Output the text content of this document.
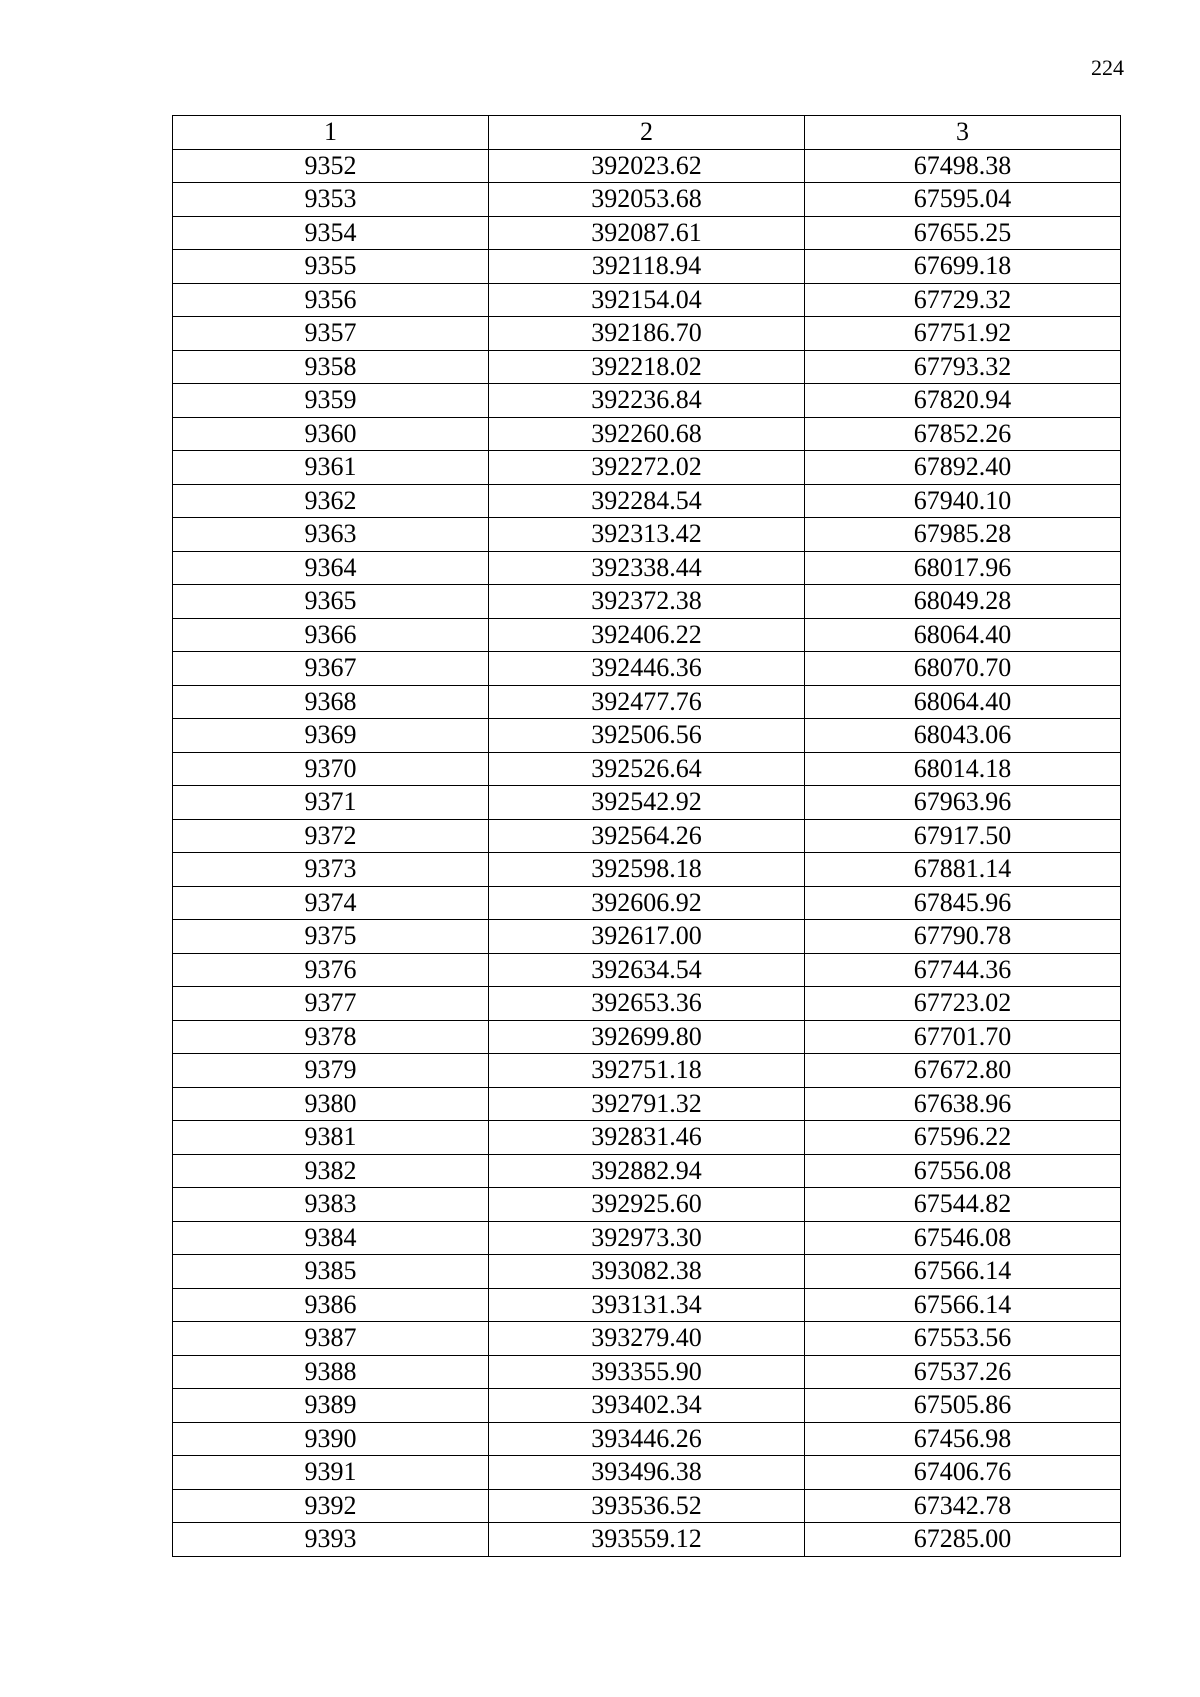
224
1	2	3
9352	392023.62	67498.38
9353	392053.68	67595.04
9354	392087.61	67655.25
9355	392118.94	67699.18
9356	392154.04	67729.32
9357	392186.70	67751.92
9358	392218.02	67793.32
9359	392236.84	67820.94
9360	392260.68	67852.26
9361	392272.02	67892.40
9362	392284.54	67940.10
9363	392313.42	67985.28
9364	392338.44	68017.96
9365	392372.38	68049.28
9366	392406.22	68064.40
9367	392446.36	68070.70
9368	392477.76	68064.40
9369	392506.56	68043.06
9370	392526.64	68014.18
9371	392542.92	67963.96
9372	392564.26	67917.50
9373	392598.18	67881.14
9374	392606.92	67845.96
9375	392617.00	67790.78
9376	392634.54	67744.36
9377	392653.36	67723.02
9378	392699.80	67701.70
9379	392751.18	67672.80
9380	392791.32	67638.96
9381	392831.46	67596.22
9382	392882.94	67556.08
9383	392925.60	67544.82
9384	392973.30	67546.08
9385	393082.38	67566.14
9386	393131.34	67566.14
9387	393279.40	67553.56
9388	393355.90	67537.26
9389	393402.34	67505.86
9390	393446.26	67456.98
9391	393496.38	67406.76
9392	393536.52	67342.78
9393	393559.12	67285.00
